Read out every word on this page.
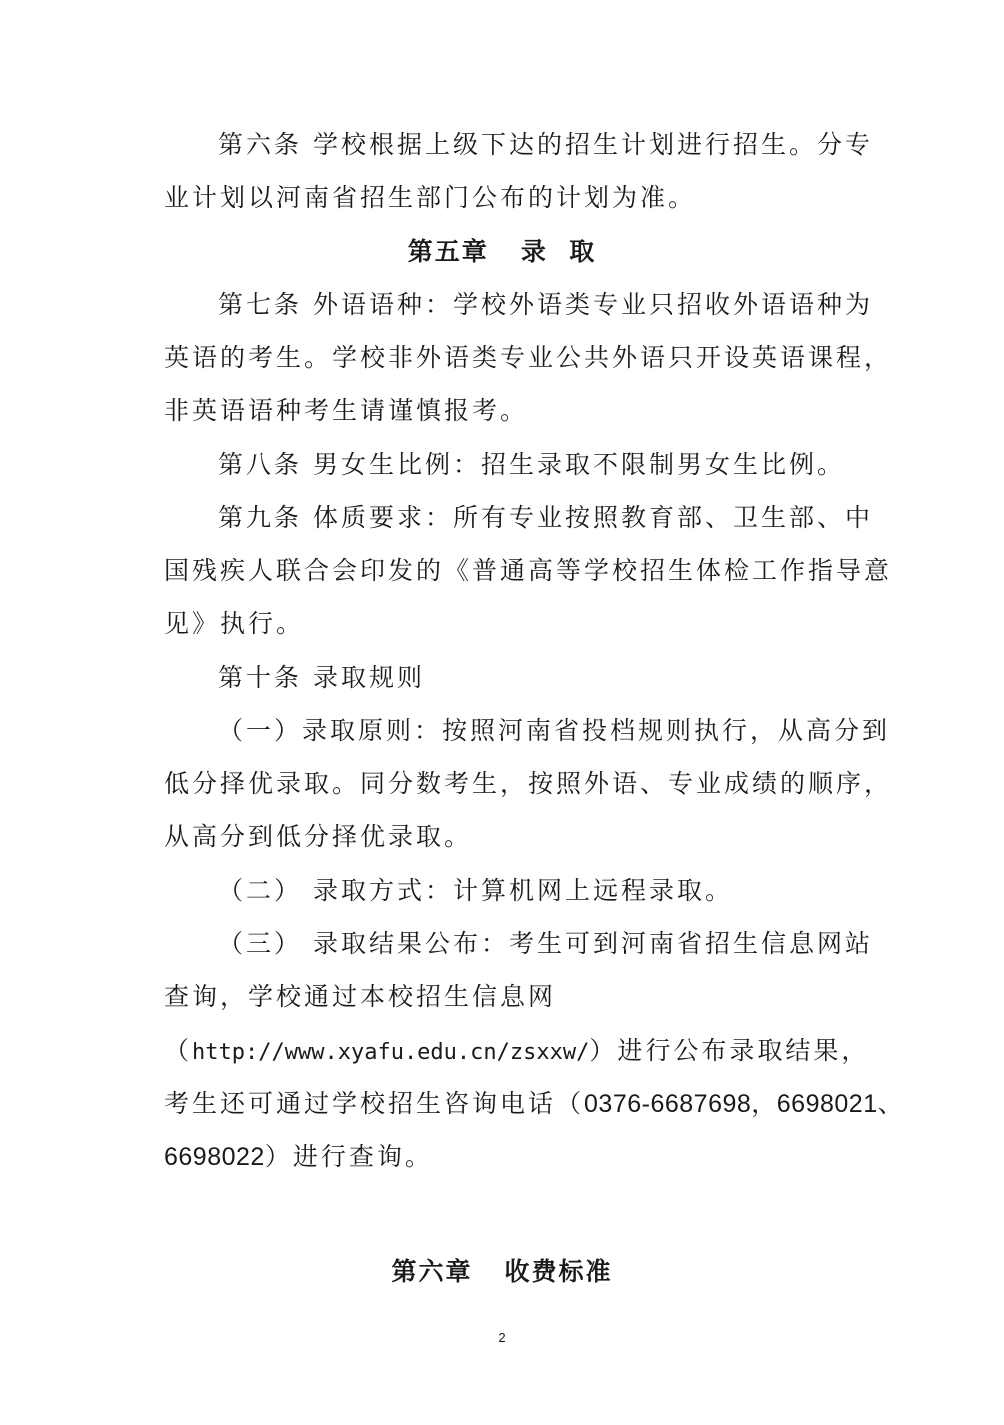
第六条 学校根据上级下达的招生计划进行招生。分专
业计划以河南省招生部门公布的计划为准。
第五章   录  取
第七条 外语语种：学校外语类专业只招收外语语种为
英语的考生。学校非外语类专业公共外语只开设英语课程，
非英语语种考生请谨慎报考。
第八条 男女生比例：招生录取不限制男女生比例。
第九条 体质要求：所有专业按照教育部、卫生部、中
国残疾人联合会印发的《普通高等学校招生体检工作指导意
见》执行。
第十条 录取规则
（一）录取原则：按照河南省投档规则执行，从高分到
低分择优录取。同分数考生，按照外语、专业成绩的顺序，
从高分到低分择优录取。
（二） 录取方式：计算机网上远程录取。
（三） 录取结果公布：考生可到河南省招生信息网站
查询，学校通过本校招生信息网
（http://www.xyafu.edu.cn/zsxxw/）进行公布录取结果，
考生还可通过学校招生咨询电话（0376-6687698，6698021、
6698022）进行查询。
第六章   收费标准
2
